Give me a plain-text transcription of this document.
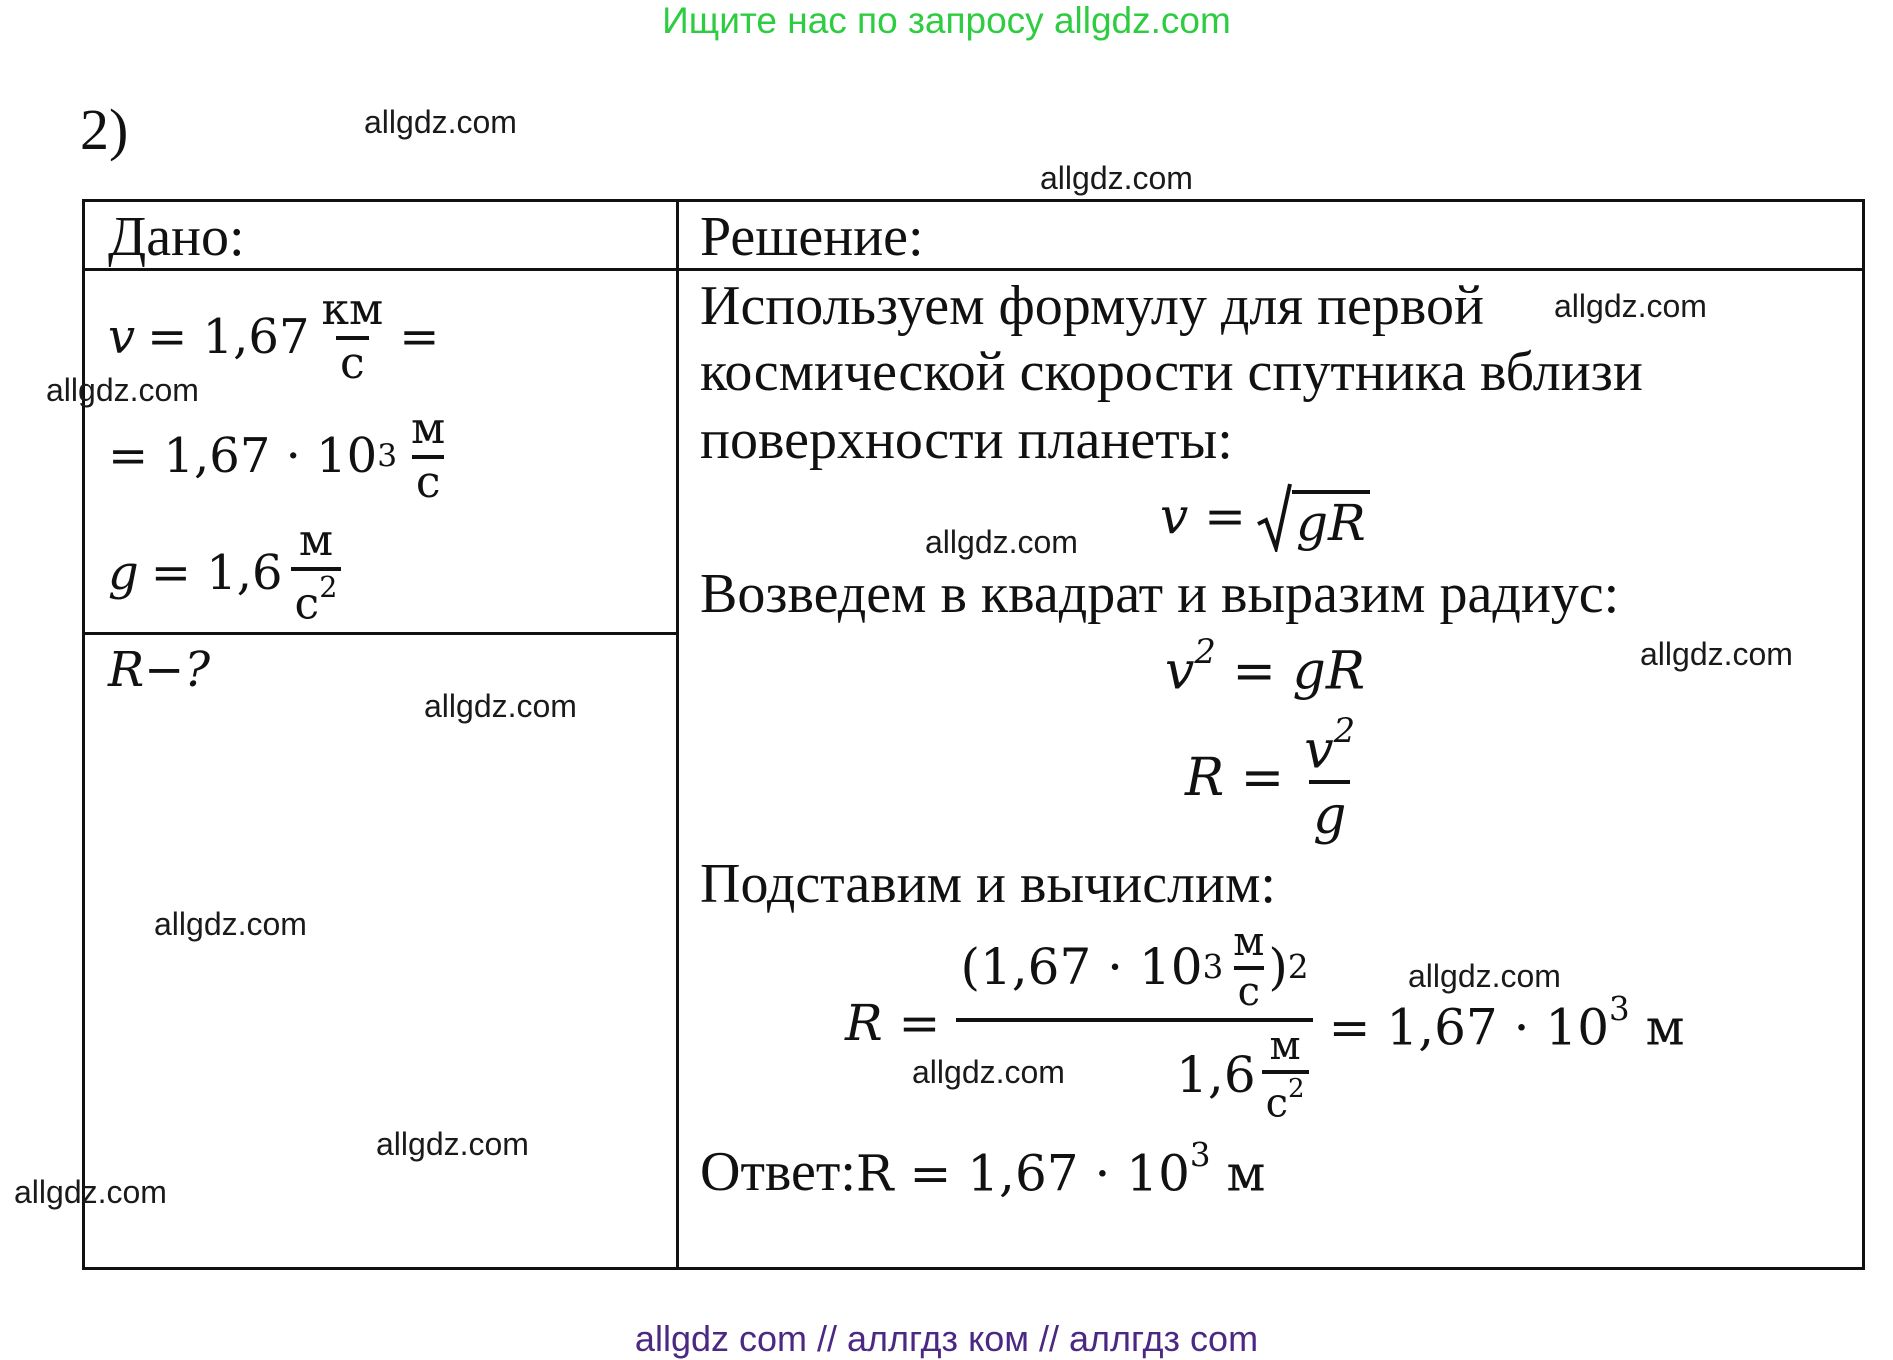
Ищите нас по запросу allgdz.com
2)
Дано:
$v = 1,67 \frac{км}{с}$ =
= 1,67 · 10 $3 \frac{м}{с}$
$g = 1,6 \frac{м}{с^2}$
R−?
Решение:
Используем формулу для первой
космической скорости спутника вблизи
поверхности планеты:
v = gR
Возведем в квадрат и выразим радиус:
$v^2$ = gR
$R = \frac{v^2}{g}$
Подставим и вычислим:
$R = \frac{(1,67 \cdot 10 3 \frac{м}{с} ) 2}{1,6 \frac{м}{с^2}} = 1,67 \cdot 10^3$ м
Ответ: $R = 1,67 \cdot 10^3$ м
allgdz.com
allgdz.com
allgdz.com
allgdz.com
allgdz.com
allgdz.com
allgdz.com
allgdz.com
allgdz.com
allgdz.com
allgdz.com
allgdz.com
allgdz com // аллгдз ком // аллгдз com
